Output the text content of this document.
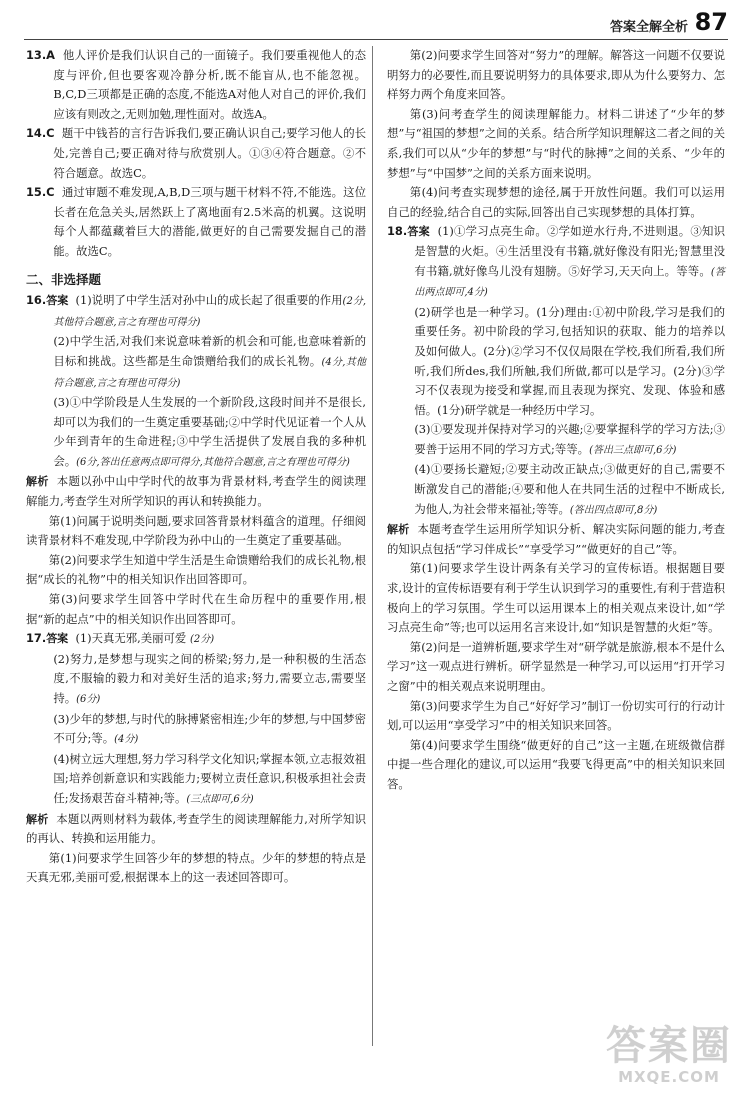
答案全解全析 87

13.A 他人评价是我们认识自己的一面镜子。我们要重视他人的态度与评价,但也要客观冷静分析,既不能盲从,也不能忽视。B,C,D三项都是正确的态度,不能选A对他人对自己的评价,我们应该有则改之,无则加勉,理性面对。故选A。

14.C 题干中钱苔的言行告诉我们,要正确认识自己;要学习他人的长处,完善自己;要正确对待与欣赏别人。①③④符合题意。②不符合题意。故选C。

15.C 通过审题不难发现,A,B,D三项与题干材料不符,不能选。这位长者在危急关头,居然跃上了离地面有2.5米高的机翼。这说明每个人都蕴藏着巨大的潜能,做更好的自己需要发掘自己的潜能。故选C。

二、非选择题

16.答案 (1)说明了中学生活对孙中山的成长起了很重要的作用(2分,其他符合题意,言之有理也可得分)

(2)中学生活,对我们来说意味着新的机会和可能,也意味着新的目标和挑战。这些都是生命馈赠给我们的成长礼物。(4分,其他符合题意,言之有理也可得分)

(3)①中学阶段是人生发展的一个新阶段,这段时间并不是很长,却可以为我们的一生奠定重要基础;②中学时代见证着一个人从少年到青年的生命进程;③中学生活提供了发展自我的多种机会。(6分,答出任意两点即可得分,其他符合题意,言之有理也可得分)

解析 本题以孙中山中学时代的故事为背景材料,考查学生的阅读理解能力,考查学生对所学知识的再认和转换能力。

第(1)问属于说明类问题,要求回答背景材料蕴含的道理。仔细阅读背景材料不难发现,中学阶段为孙中山的一生奠定了重要基础。

第(2)问要求学生知道中学生活是生命馈赠给我们的成长礼物,根据“成长的礼物”中的相关知识作出回答即可。

第(3)问要求学生回答中学时代在生命历程中的重要作用,根据“新的起点”中的相关知识作出回答即可。

17.答案 (1)天真无邪,美丽可爱 (2分)

(2)努力,是梦想与现实之间的桥梁;努力,是一种积极的生活态度,不服输的毅力和对美好生活的追求;努力,需要立志,需要坚持。(6分)

(3)少年的梦想,与时代的脉搏紧密相连;少年的梦想,与中国梦密不可分;等。(4分)

(4)树立远大理想,努力学习科学文化知识;掌握本领,立志报效祖国;培养创新意识和实践能力;要树立责任意识,积极承担社会责任;发扬艰苦奋斗精神;等。(三点即可,6分)

解析 本题以两则材料为载体,考查学生的阅读理解能力,对所学知识的再认、转换和运用能力。

第(1)问要求学生回答少年的梦想的特点。少年的梦想的特点是天真无邪,美丽可爱,根据课本上的这一表述回答即可。

第(2)问要求学生回答对“努力”的理解。解答这一问题不仅要说明努力的必要性,而且要说明努力的具体要求,即从为什么要努力、怎样努力两个角度来回答。

第(3)问考查学生的阅读理解能力。材料二讲述了“少年的梦想”与“祖国的梦想”之间的关系。结合所学知识理解这二者之间的关系,我们可以从“少年的梦想”与“时代的脉搏”之间的关系、“少年的梦想”与“中国梦”之间的关系方面来说明。

第(4)问考查实现梦想的途径,属于开放性问题。我们可以运用自己的经验,结合自己的实际,回答出自己实现梦想的具体打算。

18.答案 (1)①学习点亮生命。②学如逆水行舟,不进则退。③知识是智慧的火炬。④生活里没有书籍,就好像没有阳光;智慧里没有书籍,就好像鸟儿没有翅膀。⑤好学习,天天向上。等等。(答出两点即可,4分)

(2)研学也是一种学习。(1分)理由:①初中阶段,学习是我们的重要任务。初中阶段的学习,包括知识的获取、能力的培养以及如何做人。(2分)②学习不仅仅局限在学校,我们所看,我们所听,我们所des,我们所触,我们所做,都可以是学习。(2分)③学习不仅表现为接受和掌握,而且表现为探究、发现、体验和感悟。(1分)研学就是一种经历中学习。

(3)①要发现并保持对学习的兴趣;②要掌握科学的学习方法;③要善于运用不同的学习方式;等等。(答出三点即可,6分)

(4)①要扬长避短;②要主动改正缺点;③做更好的自己,需要不断激发自己的潜能;④要和他人在共同生活的过程中不断成长,为他人,为社会带来福祉;等等。(答出四点即可,8分)

解析 本题考查学生运用所学知识分析、解决实际问题的能力,考查的知识点包括“学习伴成长”“享受学习”“做更好的自己”等。

第(1)问要求学生设计两条有关学习的宣传标语。根据题目要求,设计的宣传标语要有利于学生认识到学习的重要性,有利于营造积极向上的学习氛围。学生可以运用课本上的相关观点来设计,如“学习点亮生命”等;也可以运用名言来设计,如“知识是智慧的火炬”等。

第(2)问是一道辨析题,要求学生对“研学就是旅游,根本不是什么学习”这一观点进行辨析。研学显然是一种学习,可以运用“打开学习之窗”中的相关观点来说明理由。

第(3)问要求学生为自己“好好学习”制订一份切实可行的行动计划,可以运用“享受学习”中的相关知识来回答。

第(4)问要求学生围绕“做更好的自己”这一主题,在班级微信群中提一些合理化的建议,可以运用“我要飞得更高”中的相关知识来回答。

答案圈
MXQE.COM
